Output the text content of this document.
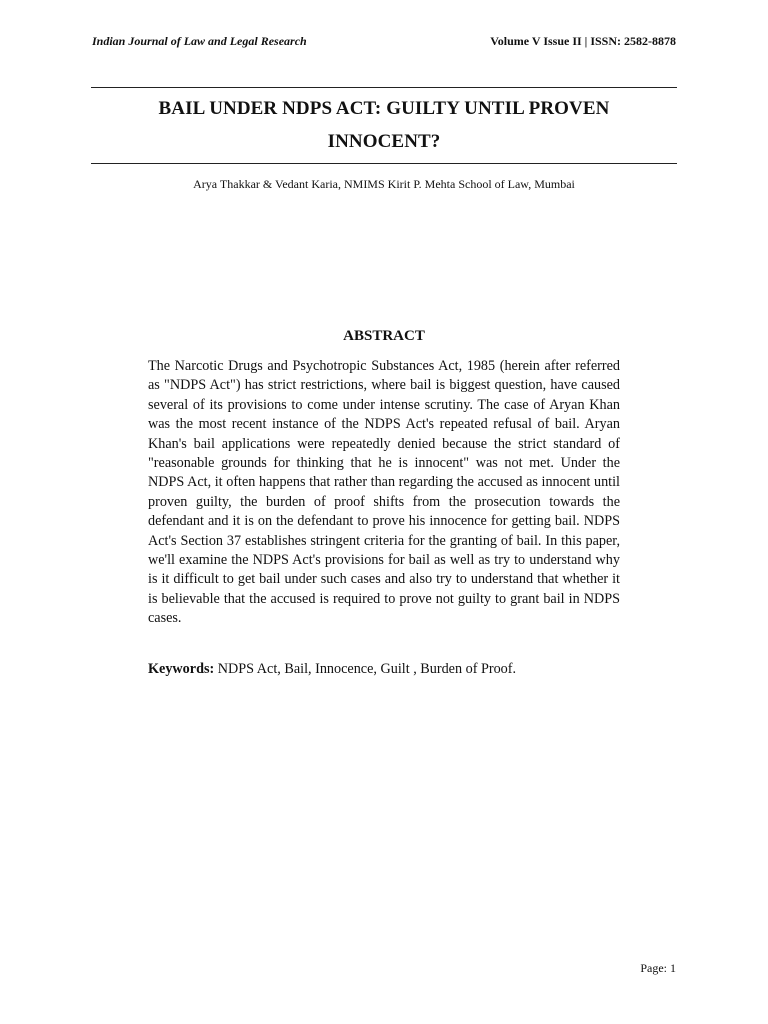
Indian Journal of Law and Legal Research	Volume V Issue II | ISSN: 2582-8878
BAIL UNDER NDPS ACT: GUILTY UNTIL PROVEN
INNOCENT?
Arya Thakkar & Vedant Karia, NMIMS Kirit P. Mehta School of Law, Mumbai
ABSTRACT

The Narcotic Drugs and Psychotropic Substances Act, 1985 (herein after referred as "NDPS Act") has strict restrictions, where bail is biggest question, have caused several of its provisions to come under intense scrutiny. The case of Aryan Khan was the most recent instance of the NDPS Act's repeated refusal of bail. Aryan Khan's bail applications were repeatedly denied because the strict standard of "reasonable grounds for thinking that he is innocent" was not met. Under the NDPS Act, it often happens that rather than regarding the accused as innocent until proven guilty, the burden of proof shifts from the prosecution towards the defendant and it is on the defendant to prove his innocence for getting bail. NDPS Act's Section 37 establishes stringent criteria for the granting of bail. In this paper, we'll examine the NDPS Act's provisions for bail as well as try to understand why is it difficult to get bail under such cases and also try to understand that whether it is believable that the accused is required to prove not guilty to grant bail in NDPS cases.

Keywords: NDPS Act, Bail, Innocence, Guilt , Burden of Proof.

Page: 1
